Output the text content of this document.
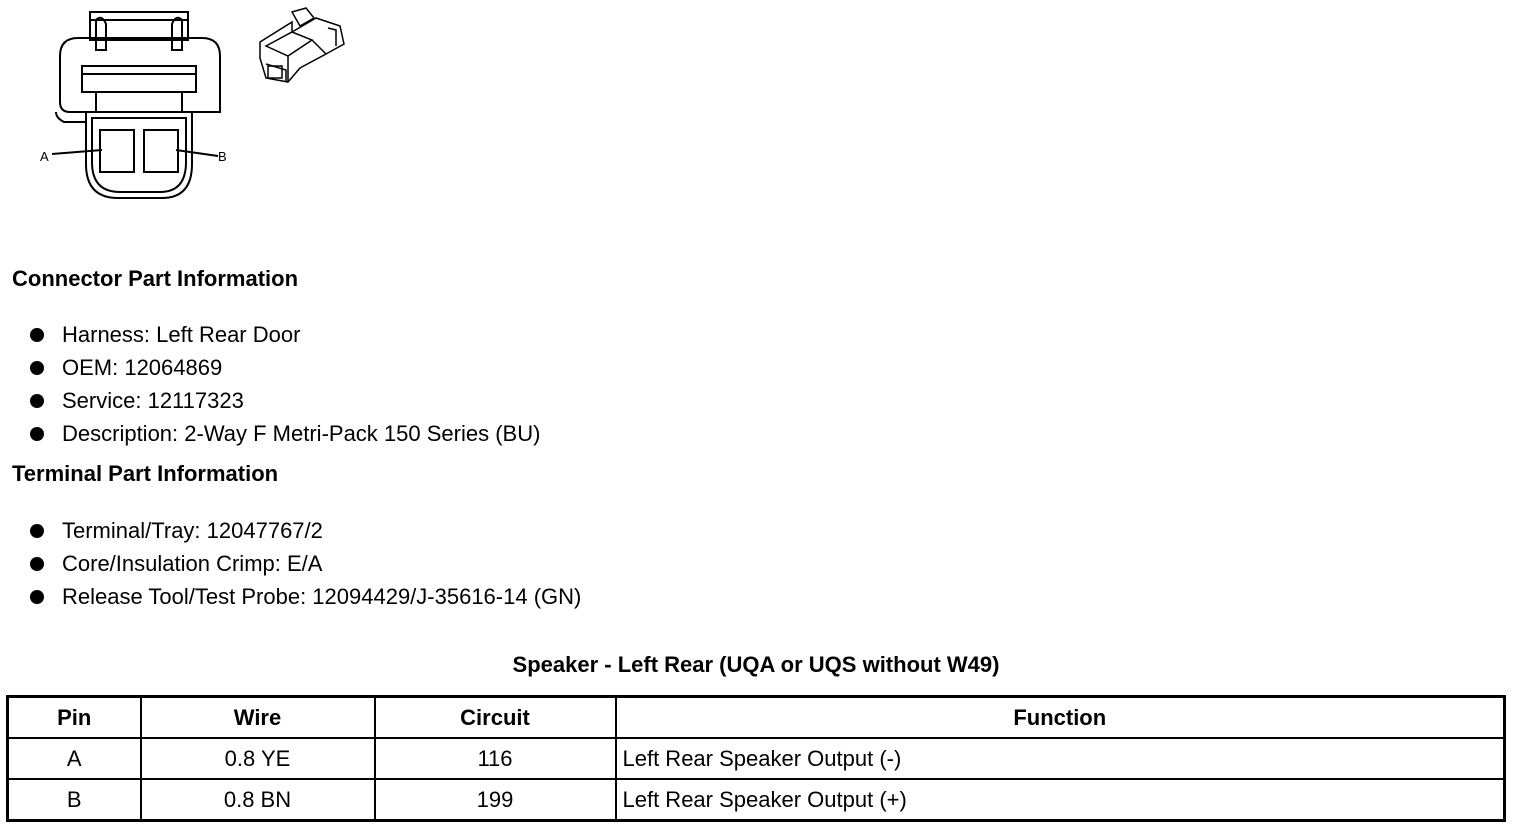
A	B
Connector Part Information
Harness: Left Rear Door
OEM: 12064869
Service: 12117323
Description: 2-Way F Metri-Pack 150 Series (BU)
Terminal Part Information
Terminal/Tray: 12047767/2
Core/Insulation Crimp: E/A
Release Tool/Test Probe: 12094429/J-35616-14 (GN)
Speaker - Left Rear (UQA or UQS without W49)
Pin	Wire	Circuit	Function
A	0.8 YE	116	Left Rear Speaker Output (-)
B	0.8 BN	199	Left Rear Speaker Output (+)
